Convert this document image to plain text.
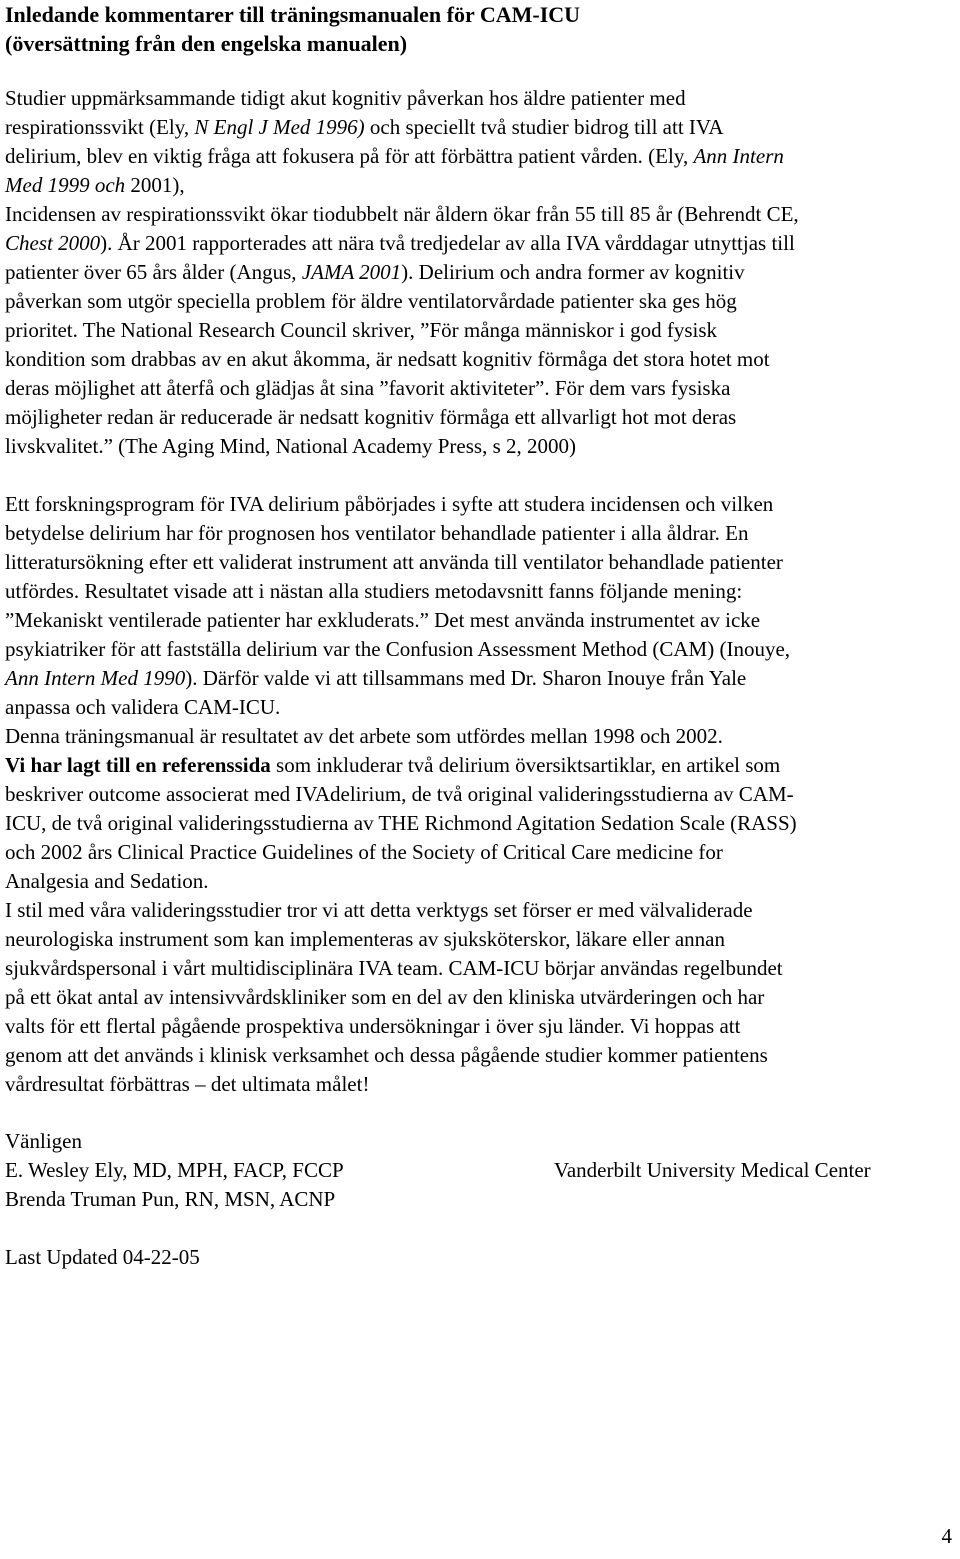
Inledande kommentarer till träningsmanualen för CAM-ICU
(översättning från den engelska manualen)
Studier uppmärksammande tidigt akut kognitiv påverkan hos äldre patienter med
respirationssvikt (Ely, N Engl J Med 1996) och speciellt två studier bidrog till att IVA
delirium, blev en viktig fråga att fokusera på för att förbättra patient vården. (Ely, Ann Intern
Med 1999 och 2001),
Incidensen av respirationssvikt ökar tiodubbelt när åldern ökar från 55 till 85 år (Behrendt CE,
Chest 2000). År 2001 rapporterades att nära två tredjedelar av alla IVA vårddagar utnyttjas till
patienter över 65 års ålder (Angus, JAMA 2001). Delirium och andra former av kognitiv
påverkan som utgör speciella problem för äldre ventilatorvårdade patienter ska ges hög
prioritet. The National Research Council skriver, ”För många människor i god fysisk
kondition som drabbas av en akut åkomma, är nedsatt kognitiv förmåga det stora hotet mot
deras möjlighet att återfå och glädjas åt sina ”favorit aktiviteter”. För dem vars fysiska
möjligheter redan är reducerade är nedsatt kognitiv förmåga ett allvarligt hot mot deras
livskvalitet.” (The Aging Mind, National Academy Press, s 2, 2000)
Ett forskningsprogram för IVA delirium påbörjades i syfte att studera incidensen och vilken
betydelse delirium har för prognosen hos ventilator behandlade patienter i alla åldrar. En
litteratursökning efter ett validerat instrument att använda till ventilator behandlade patienter
utfördes. Resultatet visade att i nästan alla studiers metodavsnitt fanns följande mening:
”Mekaniskt ventilerade patienter har exkluderats.” Det mest använda instrumentet av icke
psykiatriker för att fastställa delirium var the Confusion Assessment Method (CAM) (Inouye,
Ann Intern Med 1990). Därför valde vi att tillsammans med Dr. Sharon Inouye från Yale
anpassa och validera CAM-ICU.
Denna träningsmanual är resultatet av det arbete som utfördes mellan 1998 och 2002.
Vi har lagt till en referenssida som inkluderar två delirium översiktsartiklar, en artikel som
beskriver outcome associerat med IVAdelirium, de två original valideringsstudierna av CAM-
ICU, de två original valideringsstudierna av THE Richmond Agitation Sedation Scale (RASS)
och 2002 års Clinical Practice Guidelines of the Society of Critical Care medicine for
Analgesia and Sedation.
I stil med våra valideringsstudier tror vi att detta verktygs set förser er med välvaliderade
neurologiska instrument som kan implementeras av sjuksköterskor, läkare eller annan
sjukvårdspersonal i vårt multidisciplinära IVA team. CAM-ICU börjar användas regelbundet
på ett ökat antal av intensivvårdskliniker som en del av den kliniska utvärderingen och har
valts för ett flertal pågående prospektiva undersökningar i över sju länder. Vi hoppas att
genom att det används i klinisk verksamhet och dessa pågående studier kommer patientens
vårdresultat förbättras – det ultimata målet!
Vänligen
E. Wesley Ely, MD, MPH, FACP, FCCP	Vanderbilt University Medical Center
Brenda Truman Pun, RN, MSN, ACNP
Last Updated 04-22-05
4
